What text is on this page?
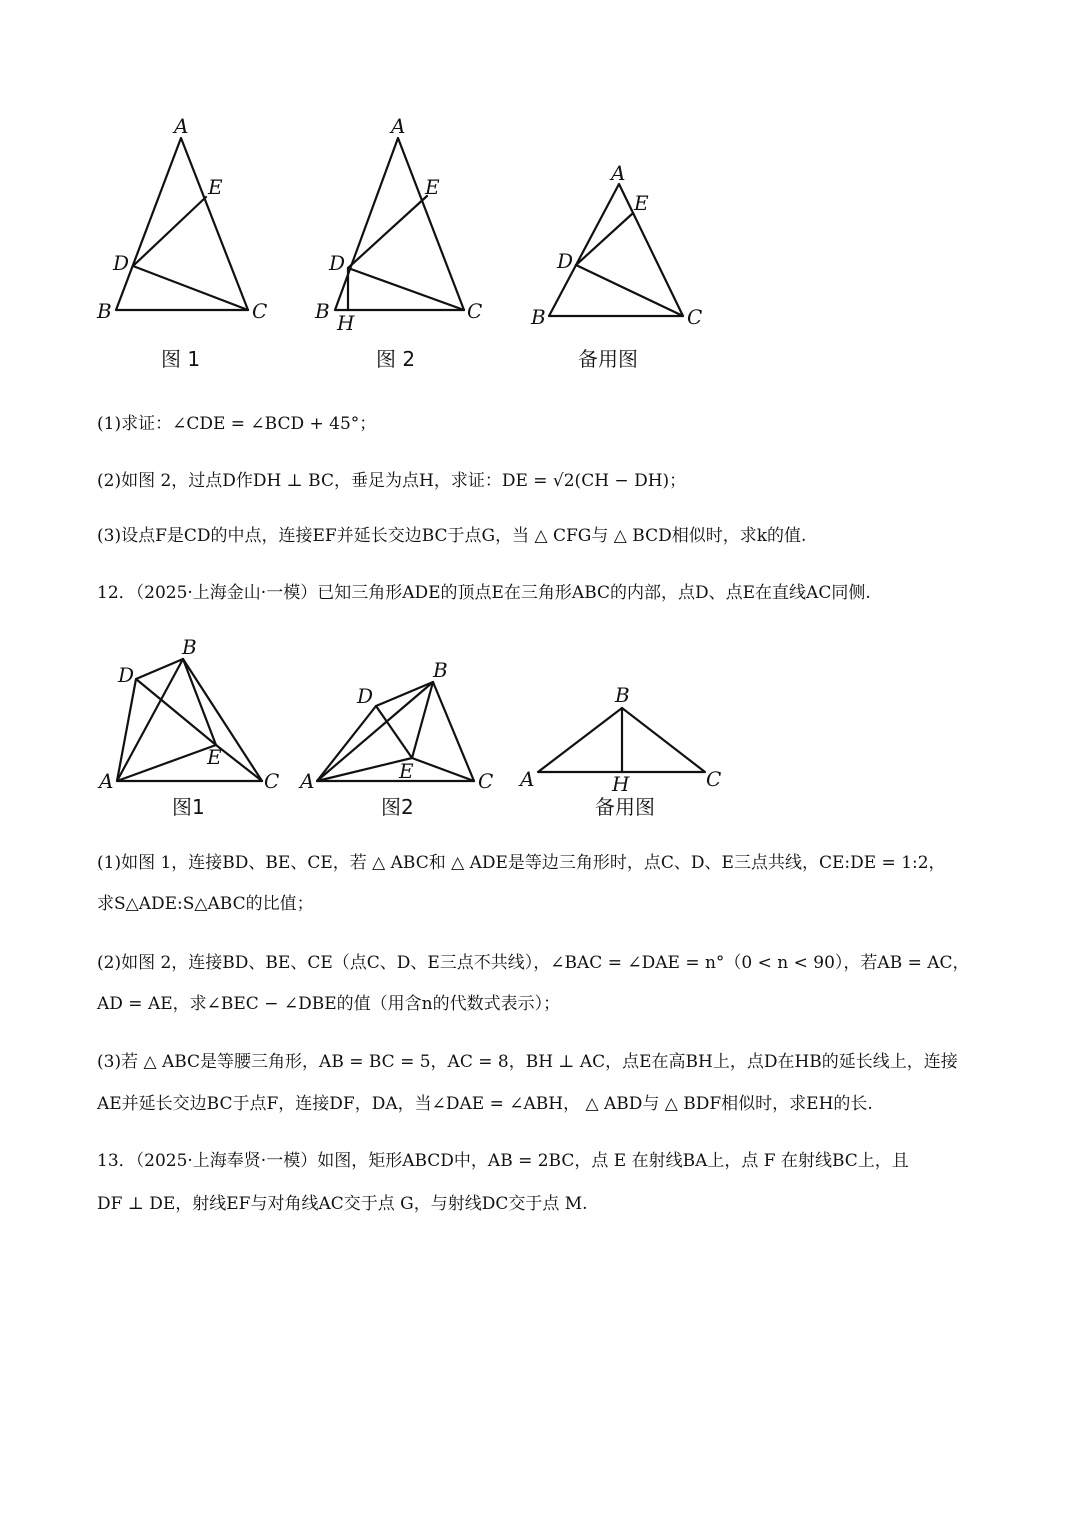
A
B	C
D
E
图 1
A
B	C
D
E
H
图 2
A
B	C
D
E
备用图

(1)求证：∠CDE = ∠BCD + 45°；

(2)如图 2，过点D作DH ⊥ BC，垂足为点H，求证：DE = √2(CH − DH)；

(3)设点F是CD的中点，连接EF并延长交边BC于点G，当 △ CFG与 △ BCD相似时，求k的值.

12．（2025·上海金山·一模）已知三角形ADE的顶点E在三角形ABC的内部，点D、点E在直线AC同侧.

A
B
C
D
E
图1
A
B
C
D
E
图2
A
B
C
H
备用图

(1)如图 1，连接BD、BE、CE，若 △ ABC和 △ ADE是等边三角形时，点C、D、E三点共线，CE:DE = 1:2，

求S△ADE:S△ABC的比值；

(2)如图 2，连接BD、BE、CE（点C、D、E三点不共线），∠BAC = ∠DAE = n°（0 < n < 90），若AB = AC，

AD = AE，求∠BEC − ∠DBE的值（用含n的代数式表示）；

(3)若 △ ABC是等腰三角形，AB = BC = 5，AC = 8，BH ⊥ AC，点E在高BH上，点D在HB的延长线上，连接

AE并延长交边BC于点F，连接DF，DA，当∠DAE = ∠ABH， △ ABD与 △ BDF相似时，求EH的长.

13．（2025·上海奉贤·一模）如图，矩形ABCD中，AB = 2BC，点 E 在射线BA上，点 F 在射线BC上，且

DF ⊥ DE，射线EF与对角线AC交于点 G，与射线DC交于点 M.
